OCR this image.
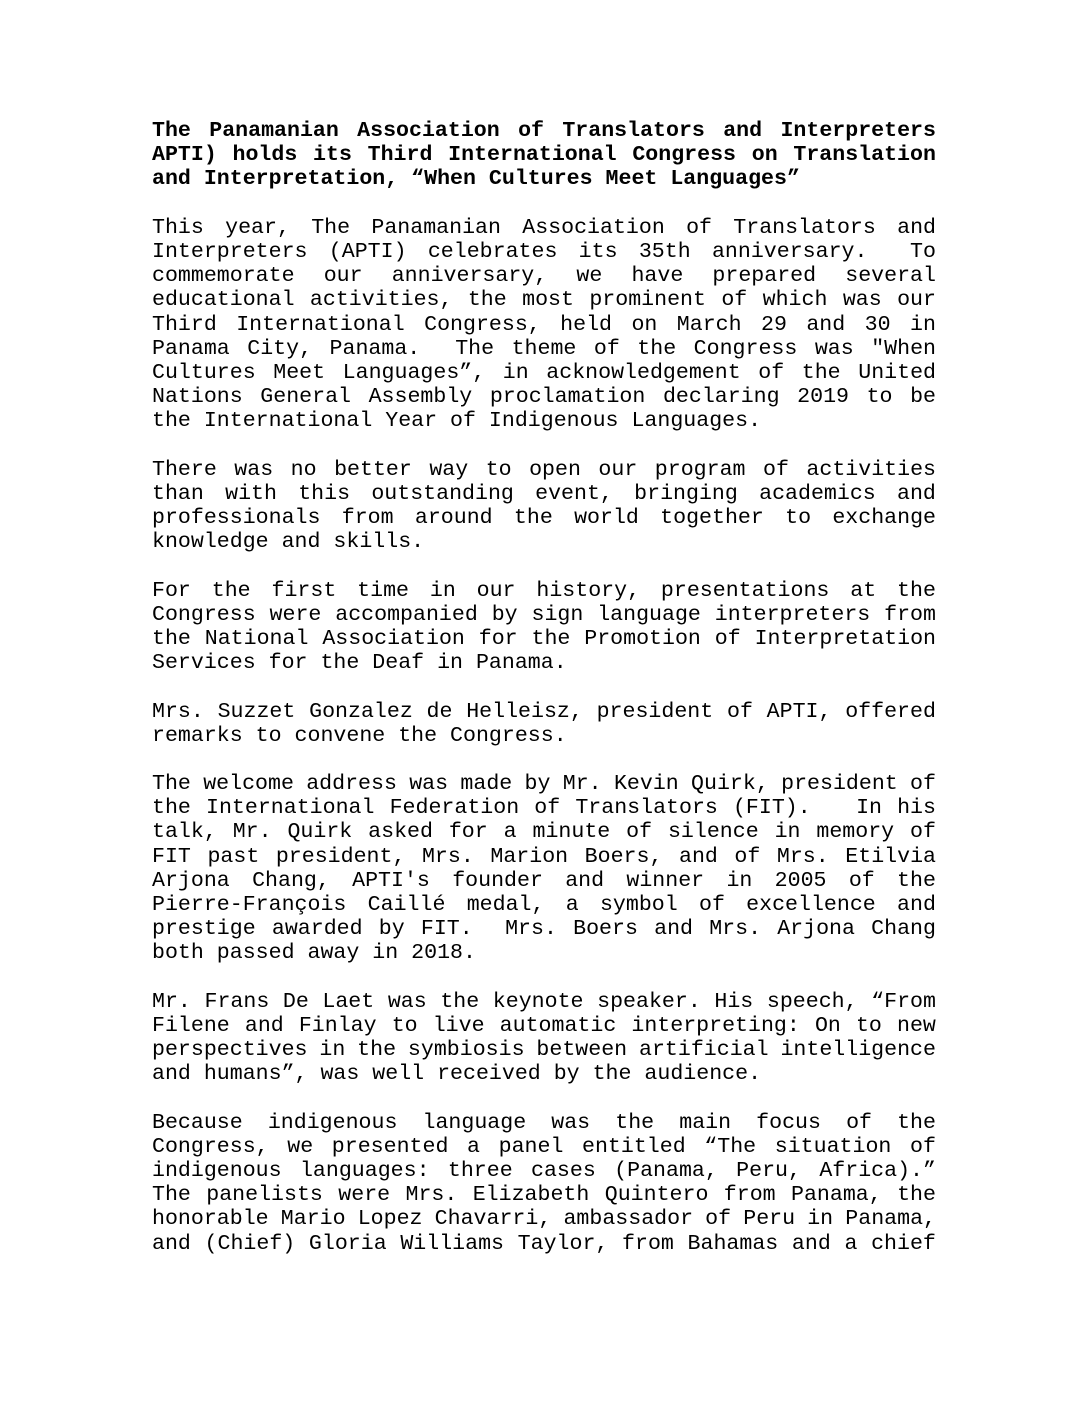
The Panamanian Association of Translators and Interpreters
APTI) holds its Third International Congress on Translation
and Interpretation, “When Cultures Meet Languages”
This year, The Panamanian Association of Translators and
Interpreters (APTI) celebrates its 35th anniversary. To
commemorate our anniversary, we have prepared several
educational activities, the most prominent of which was our
Third International Congress, held on March 29 and 30 in
Panama City, Panama. The theme of the Congress was "When
Cultures Meet Languages”, in acknowledgement of the United
Nations General Assembly proclamation declaring 2019 to be
the International Year of Indigenous Languages.
There was no better way to open our program of activities
than with this outstanding event, bringing academics and
professionals from around the world together to exchange
knowledge and skills.
For the first time in our history, presentations at the
Congress were accompanied by sign language interpreters from
the National Association for the Promotion of Interpretation
Services for the Deaf in Panama.
Mrs. Suzzet Gonzalez de Helleisz, president of APTI, offered
remarks to convene the Congress.
The welcome address was made by Mr. Kevin Quirk, president of
the International Federation of Translators (FIT). In his
talk, Mr. Quirk asked for a minute of silence in memory of
FIT past president, Mrs. Marion Boers, and of Mrs. Etilvia
Arjona Chang, APTI's founder and winner in 2005 of the
Pierre-François Caillé medal, a symbol of excellence and
prestige awarded by FIT. Mrs. Boers and Mrs. Arjona Chang
both passed away in 2018.
Mr. Frans De Laet was the keynote speaker. His speech, “From
Filene and Finlay to live automatic interpreting: On to new
perspectives in the symbiosis between artificial intelligence
and humans”, was well received by the audience.
Because indigenous language was the main focus of the
Congress, we presented a panel entitled “The situation of
indigenous languages: three cases (Panama, Peru, Africa).”
The panelists were Mrs. Elizabeth Quintero from Panama, the
honorable Mario Lopez Chavarri, ambassador of Peru in Panama,
and (Chief) Gloria Williams Taylor, from Bahamas and a chief
